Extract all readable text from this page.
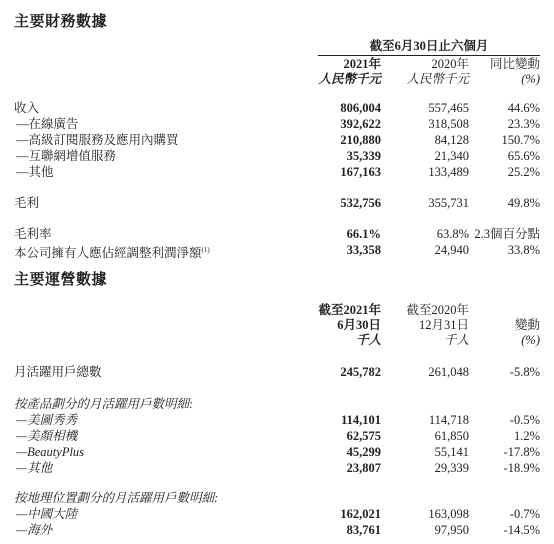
主要財務數據
截至6月30日止六個月
2021年
人民幣千元
2020年
人民幣千元
同比變動
(%)
收入	806,004	557,465	44.6%
—在線廣告	392,622	318,508	23.3%
—高級訂閱服務及應用內購買	210,880	84,128	150.7%
—互聯網增值服務	35,339	21,340	65.6%
—其他	167,163	133,489	25.2%
毛利	532,756	355,731	49.8%
毛利率	66.1%	63.8% 2.3個百分點
本公司擁有人應佔經調整利潤淨額$^{(1)}$	33,358	24,940	33.8%
主要運營數據
截至2021年
6月30日
千人
截至2020年
12月31日
千人
變動
(%)
月活躍用戶總數	245,782	261,048	-5.8%
按產品劃分的月活躍用戶數明細:
—美圖秀秀	114,101	114,718	-0.5%
—美顏相機	62,575	61,850	1.2%
—BeautyPlus	45,299	55,141	-17.8%
—其他	23,807	29,339	-18.9%
按地理位置劃分的月活躍用戶數明細:
—中國大陸	162,021	163,098	-0.7%
—海外	83,761	97,950	-14.5%
